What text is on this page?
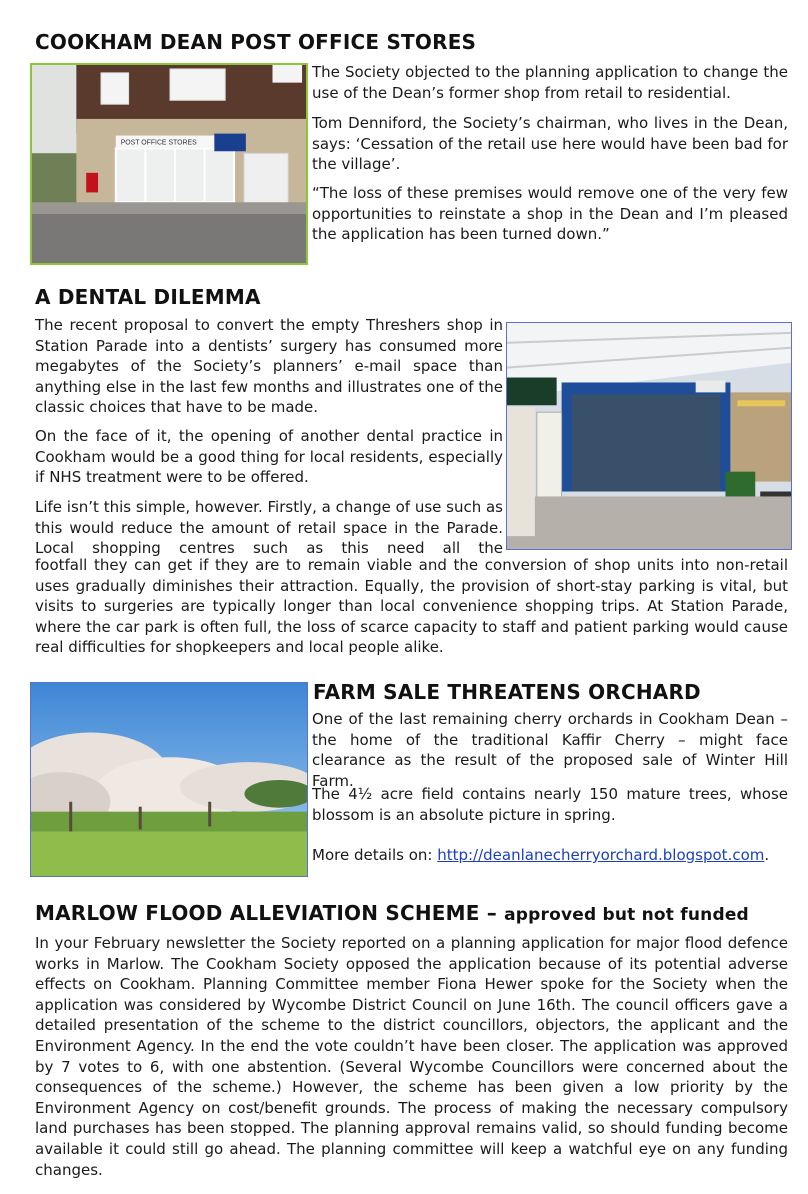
COOKHAM DEAN POST OFFICE STORES
POST OFFICE STORES

The Society objected to the planning application to change the use of the Dean’s former shop from retail to residential.

Tom Denniford, the Society’s chairman, who lives in the Dean, says: ‘Cessation of the retail use here would have been bad for the village’.

“The loss of these premises would remove one of the very few opportunities to reinstate a shop in the Dean and I’m pleased the application has been turned down.”

A DENTAL DILEMMA

The recent proposal to convert the empty Threshers shop in Station Parade into a dentists’ surgery has consumed more megabytes of the Society’s planners’ e-mail space than anything else in the last few months and illustrates one of the classic choices that have to be made.

On the face of it, the opening of another dental practice in Cookham would be a good thing for local residents, especially if NHS treatment were to be offered.

Life isn’t this simple, however. Firstly, a change of use such as this would reduce the amount of retail space in the Parade. Local shopping centres such as this need all the

footfall they can get if they are to remain viable and the conversion of shop units into non-retail uses gradually diminishes their attraction. Equally, the provision of short-stay parking is vital, but visits to surgeries are typically longer than local convenience shopping trips. At Station Parade, where the car park is often full, the loss of scarce capacity to staff and patient parking would cause real difficulties for shopkeepers and local people alike.

FARM SALE THREATENS ORCHARD

One of the last remaining cherry orchards in Cookham Dean – the home of the traditional Kaffir Cherry – might face clearance as the result of the proposed sale of Winter Hill Farm.

The 4½ acre field contains nearly 150 mature trees, whose blossom is an absolute picture in spring.

More details on: http://deanlanecherryorchard.blogspot.com.

MARLOW FLOOD ALLEVIATION SCHEME – approved but not funded

In your February newsletter the Society reported on a planning application for major flood defence works in Marlow. The Cookham Society opposed the application because of its potential adverse effects on Cookham. Planning Committee member Fiona Hewer spoke for the Society when the application was considered by Wycombe District Council on June 16th. The council officers gave a detailed presentation of the scheme to the district councillors, objectors, the applicant and the Environment Agency. In the end the vote couldn’t have been closer. The application was approved by 7 votes to 6, with one abstention. (Several Wycombe Councillors were concerned about the consequences of the scheme.) However, the scheme has been given a low priority by the Environment Agency on cost/benefit grounds. The process of making the necessary compulsory land purchases has been stopped. The planning approval remains valid, so should funding become available it could still go ahead. The planning committee will keep a watchful eye on any funding changes.
